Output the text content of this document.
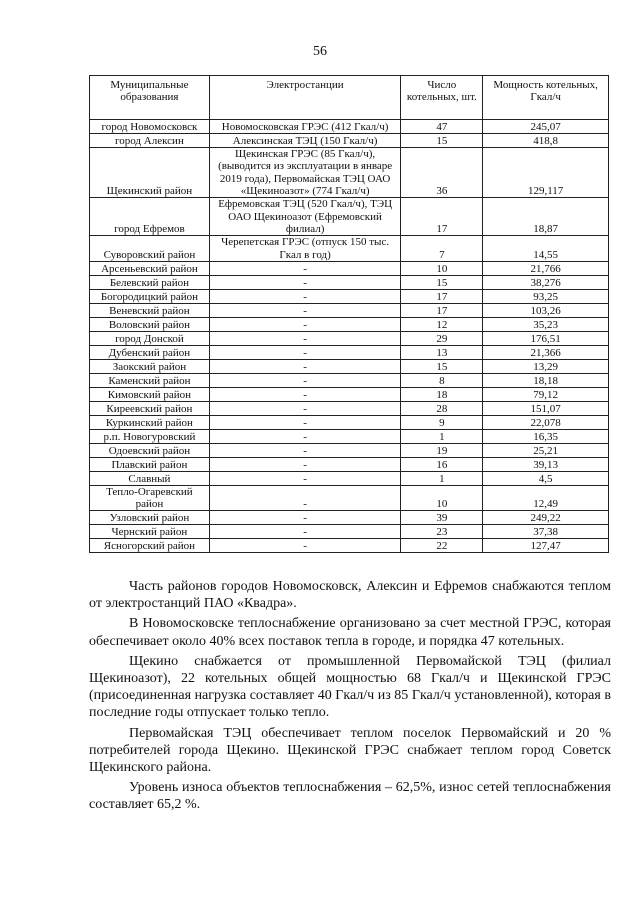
56
Муниципальные образования	Электростанции	Число котельных, шт.	Мощность котельных, Гкал/ч
город Новомосковск	Новомосковская ГРЭС (412 Гкал/ч)	47	245,07
город Алексин	Алексинская ТЭЦ (150 Гкал/ч)	15	418,8
Щекинский район	Щекинская ГРЭС (85 Гкал/ч), (выводится из эксплуатации в январе 2019 года), Первомайская ТЭЦ ОАО «Щекиноазот» (774 Гкал/ч)	36	129,117
город Ефремов	Ефремовская ТЭЦ (520 Гкал/ч), ТЭЦ ОАО Щекиноазот (Ефремовский филиал)	17	18,87
Суворовский район	Черепетская ГРЭС (отпуск 150 тыс. Гкал в год)	7	14,55
Арсеньевский район	-	10	21,766
Белевский район	-	15	38,276
Богородицкий район	-	17	93,25
Веневский район	-	17	103,26
Воловский район	-	12	35,23
город Донской	-	29	176,51
Дубенский район	-	13	21,366
Заокский район	-	15	13,29
Каменский район	-	8	18,18
Кимовский район	-	18	79,12
Киреевский район	-	28	151,07
Куркинский район	-	9	22,078
р.п. Новогуровский	-	1	16,35
Одоевский район	-	19	25,21
Плавский район	-	16	39,13
Славный	-	1	4,5
Тепло-Огаревский район	-	10	12,49
Узловский район	-	39	249,22
Чернский район	-	23	37,38
Ясногорский район	-	22	127,47

Часть районов городов Новомосковск, Алексин и Ефремов снабжаются теплом от электростанций ПАО «Квадра».

В Новомосковске теплоснабжение организовано за счет местной ГРЭС, которая обеспечивает около 40% всех поставок тепла в городе, и порядка 47 котельных.

Щекино снабжается от промышленной Первомайской ТЭЦ (филиал Щекиноазот), 22 котельных общей мощностью 68 Гкал/ч и Щекинской ГРЭС (присоединенная нагрузка составляет 40 Гкал/ч из 85 Гкал/ч установленной), которая в последние годы отпускает только тепло.

Первомайская ТЭЦ обеспечивает теплом поселок Первомайский и 20 % потребителей города Щекино. Щекинской ГРЭС снабжает теплом город Советск Щекинского района.

Уровень износа объектов теплоснабжения – 62,5%, износ сетей теплоснабжения составляет 65,2 %.
